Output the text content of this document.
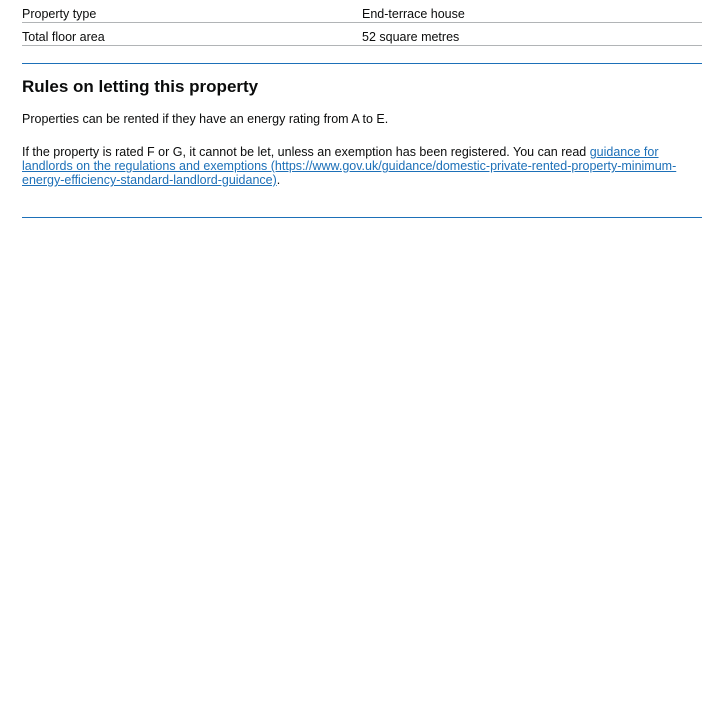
Property type	End-terrace house
Total floor area	52 square metres
Rules on letting this property

Properties can be rented if they have an energy rating from A to E.

If the property is rated F or G, it cannot be let, unless an exemption has been registered. You can read guidance for landlords on the regulations and exemptions (https://www.gov.uk/guidance/domestic-private-rented-property-minimum-energy-efficiency-standard-landlord-guidance).
